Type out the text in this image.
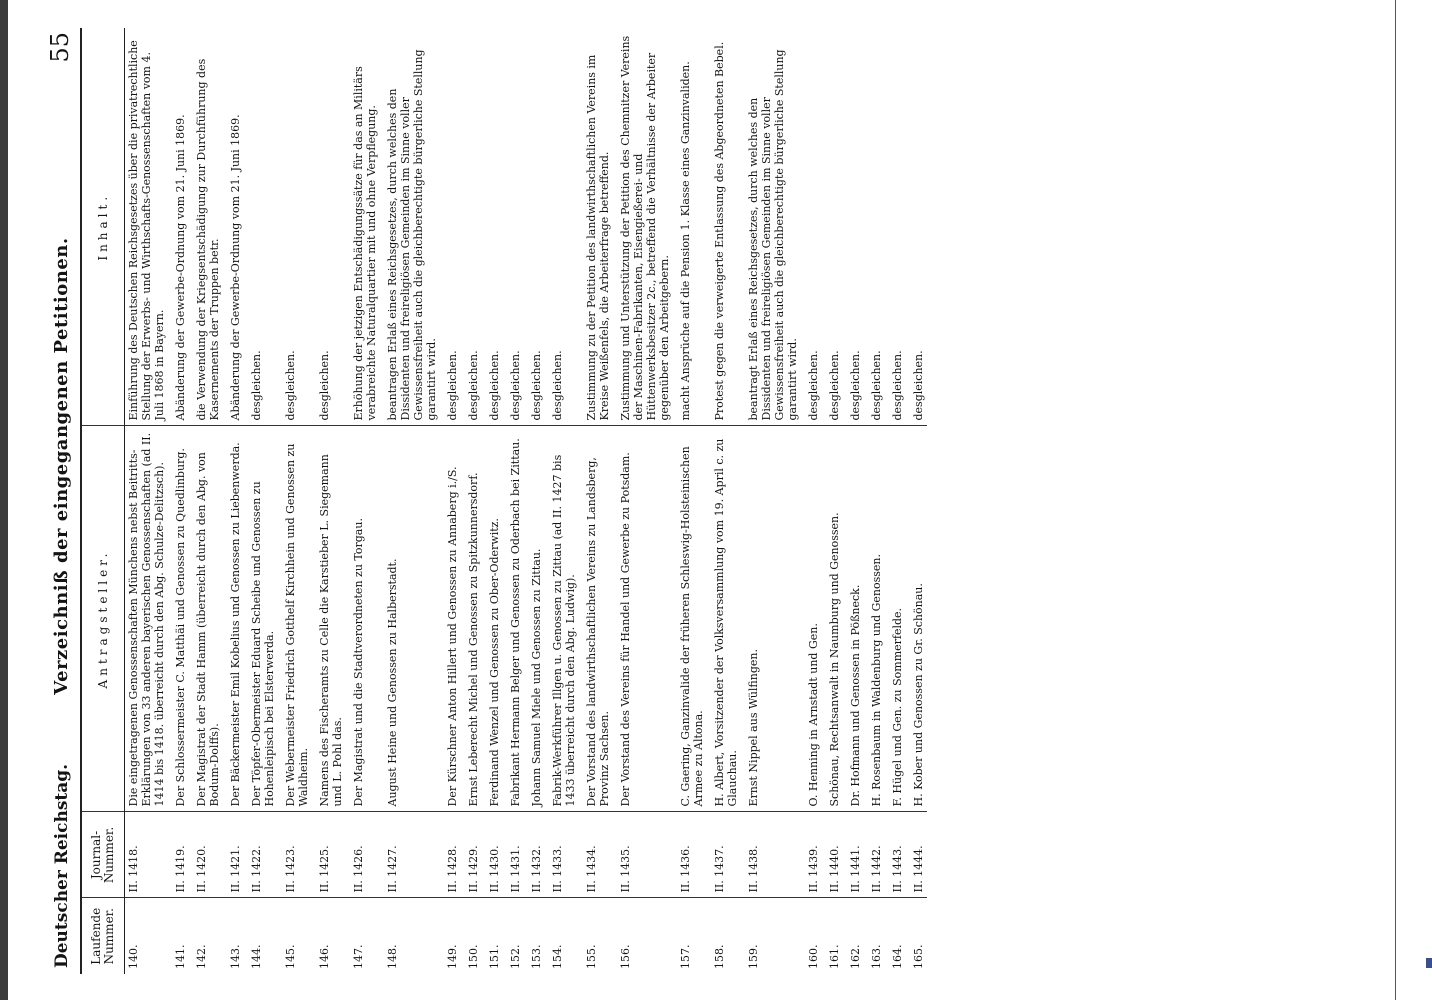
Deutscher Reichstag.
Verzeichniß der eingegangenen Petitionen.
55
Laufende Nummer.	Journal-Nummer.	Antragsteller.	Inhalt.
140.	II. 1418.	Die eingetragenen Genossenschaften Münchens nebst Beitritts-Erklärungen von 33 anderen bayerischen Genossenschaften (ad II. 1414 bis 1418. überreicht durch den Abg. Schulze-Delitzsch).	Einführung des Deutschen Reichsgesetzes über die privatrechtliche Stellung der Erwerbs- und Wirthschafts-Genossenschaften vom 4. Juli 1868 in Bayern.
141.	II. 1419.	Der Schlossermeister C. Matthäi und Genossen zu Quedlinburg.	Abänderung der Gewerbe-Ordnung vom 21. Juni 1869.
142.	II. 1420.	Der Magistrat der Stadt Hamm (überreicht durch den Abg. von Bodum-Dolffs).	die Verwendung der Kriegsentschädigung zur Durchführung des Kasernements der Truppen betr.
143.	II. 1421.	Der Bäckermeister Emil Kobelius und Genossen zu Liebenwerda.	Abänderung der Gewerbe-Ordnung vom 21. Juni 1869.
144.	II. 1422.	Der Töpfer-Obermeister Eduard Scheibe und Genossen zu Hohenleipisch bei Elsterwerda.	desgleichen.
145.	II. 1423.	Der Webermeister Friedrich Gotthelf Kirchhein und Genossen zu Waldheim.	desgleichen.
146.	II. 1425.	Namens des Fischeramts zu Celle die Karstieber L. Siegemann und L. Pohl das.	desgleichen.
147.	II. 1426.	Der Magistrat und die Stadtverordneten zu Torgau.	Erhöhung der jetzigen Entschädigungssätze für das an Militärs verabreichte Naturalquartier mit und ohne Verpflegung.
148.	II. 1427.	August Heine und Genossen zu Halberstadt.	beantragen Erlaß eines Reichsgesetzes, durch welches den Dissidenten und freireligiösen Gemeinden im Sinne voller Gewissensfreiheit auch die gleichberechtigte bürgerliche Stellung garantirt wird.
149.	II. 1428.	Der Kürschner Anton Hillert und Genossen zu Annaberg i./S.	desgleichen.
150.	II. 1429.	Ernst Leberecht Michel und Genossen zu Spitzkunnersdorf.	desgleichen.
151.	II. 1430.	Ferdinand Wenzel und Genossen zu Ober-Oderwitz.	desgleichen.
152.	II. 1431.	Fabrikant Hermann Belger und Genossen zu Oderbach bei Zittau.	desgleichen.
153.	II. 1432.	Johann Samuel Miele und Genossen zu Zittau.	desgleichen.
154.	II. 1433.	Fabrik-Werkführer Illgen u. Genossen zu Zittau (ad II. 1427 bis 1433 überreicht durch den Abg. Ludwig).	desgleichen.
155.	II. 1434.	Der Vorstand des landwirthschaftlichen Vereins zu Landsberg, Provinz Sachsen.	Zustimmung zu der Petition des landwirthschaftlichen Vereins im Kreise Weißenfels, die Arbeiterfrage betreffend.
156.	II. 1435.	Der Vorstand des Vereins für Handel und Gewerbe zu Potsdam.	Zustimmung und Unterstützung der Petition des Chemnitzer Vereins der Maschinen-Fabrikanten, Eisengießerei- und Hüttenwerksbesitzer 2c., betreffend die Verhältnisse der Arbeiter gegenüber den Arbeitgebern.
157.	II. 1436.	C. Gaering, Ganzinvalide der früheren Schleswig-Holsteinischen Armee zu Altona.	macht Ansprüche auf die Pension 1. Klasse eines Ganzinvaliden.
158.	II. 1437.	H. Albert, Vorsitzender der Volksversammlung vom 19. April c. zu Glauchau.	Protest gegen die verweigerte Entlassung des Abgeordneten Bebel.
159.	II. 1438.	Ernst Nippel aus Wülfingen.	beantragt Erlaß eines Reichsgesetzes, durch welches den Dissidenten und freireligiösen Gemeinden im Sinne voller Gewissensfreiheit auch die gleichberechtigte bürgerliche Stellung garantirt wird.
160.	II. 1439.	O. Henning in Arnstadt und Gen.	desgleichen.
161.	II. 1440.	Schönau, Rechtsanwalt in Naumburg und Genossen.	desgleichen.
162.	II. 1441.	Dr. Hofmann und Genossen in Pößneck.	desgleichen.
163.	II. 1442.	H. Rosenbaum in Waldenburg und Genossen.	desgleichen.
164.	II. 1443.	F. Hügel und Gen. zu Sommerfelde.	desgleichen.
165.	II. 1444.	H. Kober und Genossen zu Gr. Schönau.	desgleichen.
